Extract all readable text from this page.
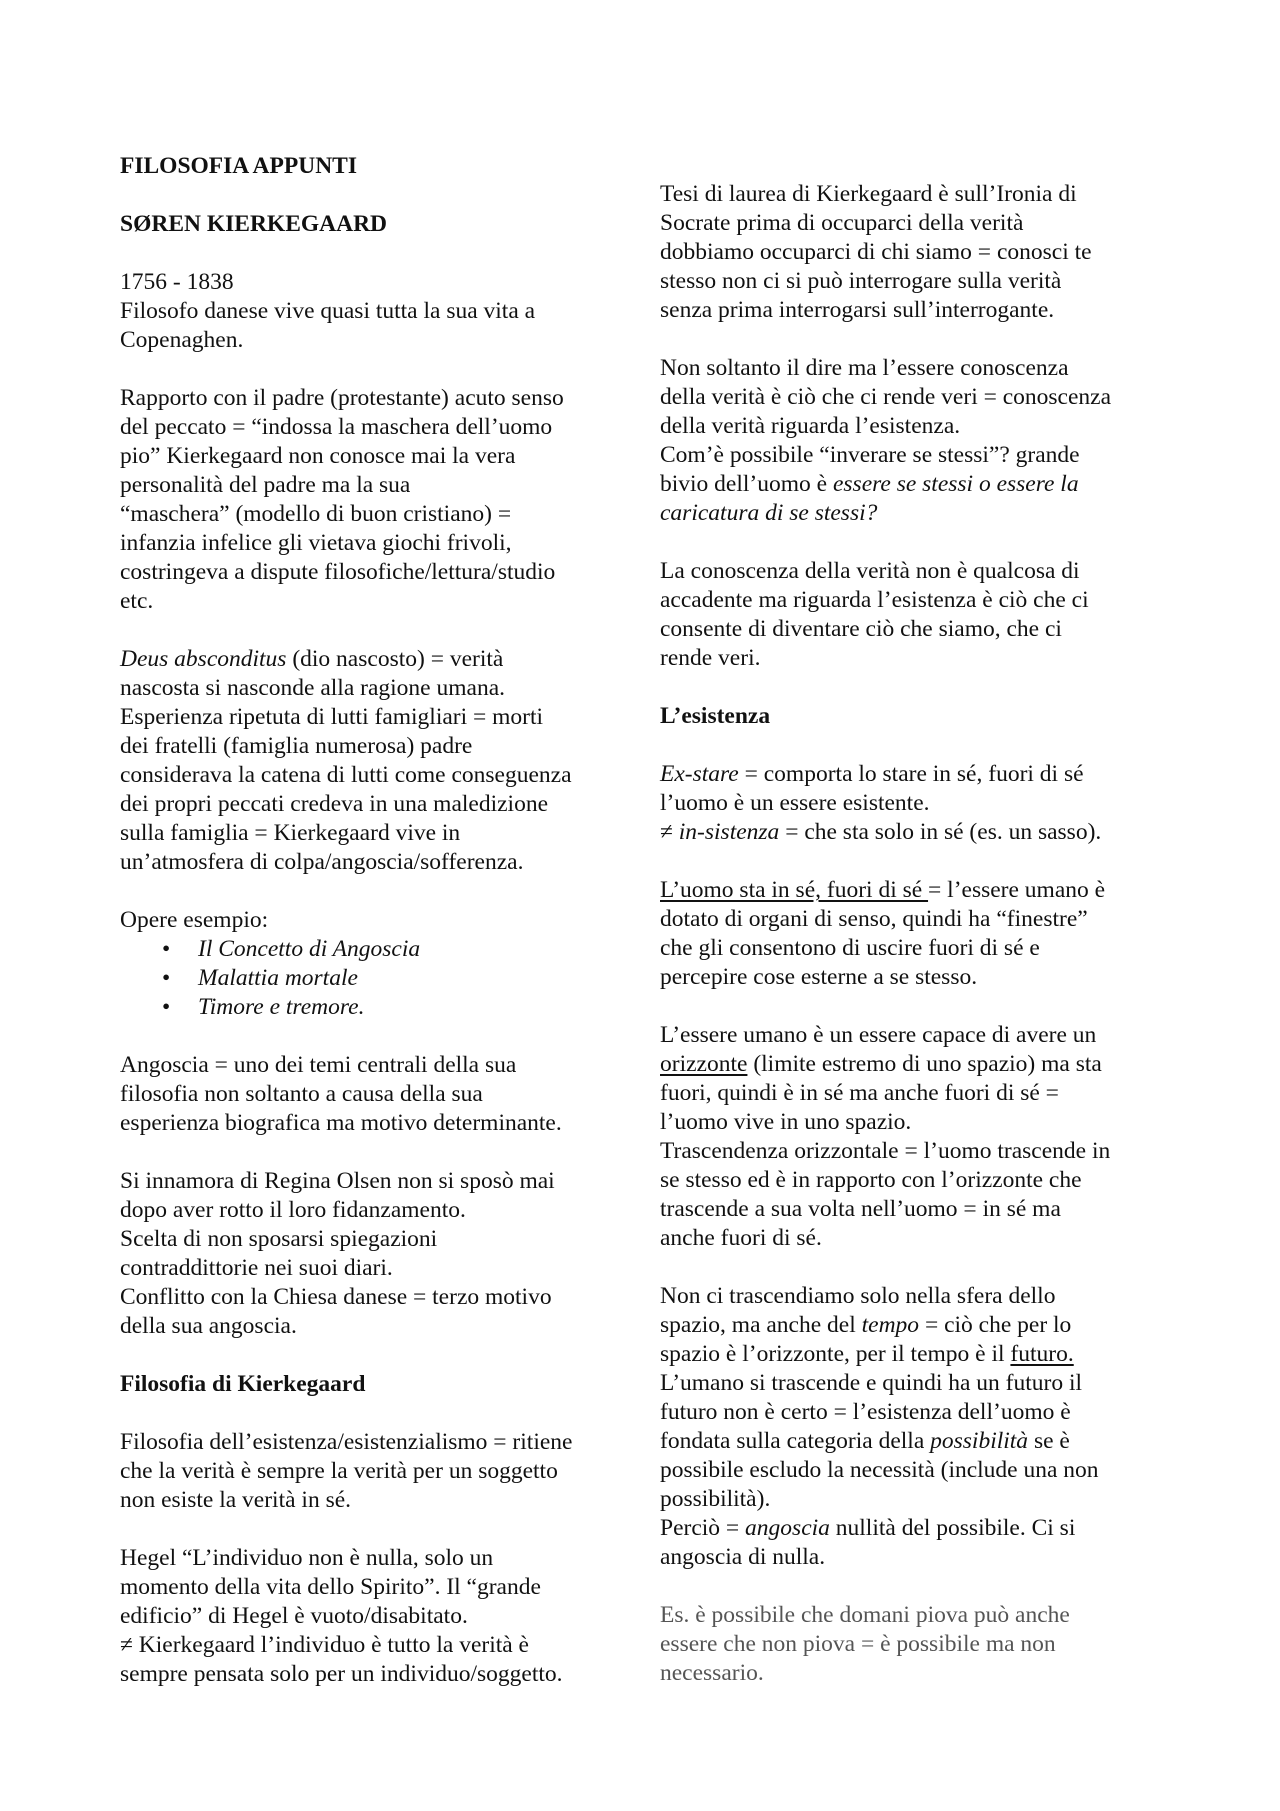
FILOSOFIA APPUNTI
SØREN KIERKEGAARD

1756 - 1838
Filosofo danese vive quasi tutta la sua vita a Copenaghen.

Rapporto con il padre (protestante) acuto senso
del peccato = “indossa la maschera dell’uomo
pio” Kierkegaard non conosce mai la vera
personalità del padre ma la sua
“maschera” (modello di buon cristiano) =
infanzia infelice gli vietava giochi frivoli,
costringeva a dispute filosofiche/lettura/studio
etc.

Deus absconditus (dio nascosto) = verità
nascosta si nasconde alla ragione umana.
Esperienza ripetuta di lutti famigliari = morti
dei fratelli (famiglia numerosa) padre
considerava la catena di lutti come conseguenza
dei propri peccati credeva in una maledizione
sulla famiglia = Kierkegaard vive in
un’atmosfera di colpa/angoscia/sofferenza.

Opere esempio:

• Il Concetto di Angoscia
• Malattia mortale
• Timore e tremore.

Angoscia = uno dei temi centrali della sua
filosofia non soltanto a causa della sua
esperienza biografica ma motivo determinante.

Si innamora di Regina Olsen non si sposò mai
dopo aver rotto il loro fidanzamento.
Scelta di non sposarsi spiegazioni
contraddittorie nei suoi diari.
Conflitto con la Chiesa danese = terzo motivo
della sua angoscia.

Filosofia di Kierkegaard

Filosofia dell’esistenza/esistenzialismo = ritiene
che la verità è sempre la verità per un soggetto
non esiste la verità in sé.

Hegel “L’individuo non è nulla, solo un
momento della vita dello Spirito”. Il “grande
edificio” di Hegel è vuoto/disabitato.
≠ Kierkegaard l’individuo è tutto la verità è
sempre pensata solo per un individuo/soggetto.

Tesi di laurea di Kierkegaard è sull’Ironia di
Socrate prima di occuparci della verità
dobbiamo occuparci di chi siamo = conosci te
stesso non ci si può interrogare sulla verità
senza prima interrogarsi sull’interrogante.

Non soltanto il dire ma l’essere conoscenza
della verità è ciò che ci rende veri = conoscenza
della verità riguarda l’esistenza.
Com’è possibile “inverare se stessi”? grande
bivio dell’uomo è essere se stessi o essere la
caricatura di se stessi?

La conoscenza della verità non è qualcosa di
accadente ma riguarda l’esistenza è ciò che ci
consente di diventare ciò che siamo, che ci
rende veri.

L’esistenza

Ex-stare = comporta lo stare in sé, fuori di sé
l’uomo è un essere esistente.
≠ in-sistenza = che sta solo in sé (es. un sasso).

L’uomo sta in sé, fuori di sé = l’essere umano è
dotato di organi di senso, quindi ha “finestre”
che gli consentono di uscire fuori di sé e
percepire cose esterne a se stesso.

L’essere umano è un essere capace di avere un
orizzonte (limite estremo di uno spazio) ma sta
fuori, quindi è in sé ma anche fuori di sé =
l’uomo vive in uno spazio.
Trascendenza orizzontale = l’uomo trascende in
se stesso ed è in rapporto con l’orizzonte che
trascende a sua volta nell’uomo = in sé ma
anche fuori di sé.

Non ci trascendiamo solo nella sfera dello
spazio, ma anche del tempo = ciò che per lo
spazio è l’orizzonte, per il tempo è il futuro.
L’umano si trascende e quindi ha un futuro il
futuro non è certo = l’esistenza dell’uomo è
fondata sulla categoria della possibilità se è
possibile escludo la necessità (include una non
possibilità).
Perciò = angoscia nullità del possibile. Ci si
angoscia di nulla.

Es. è possibile che domani piova può anche
essere che non piova = è possibile ma non
necessario.
